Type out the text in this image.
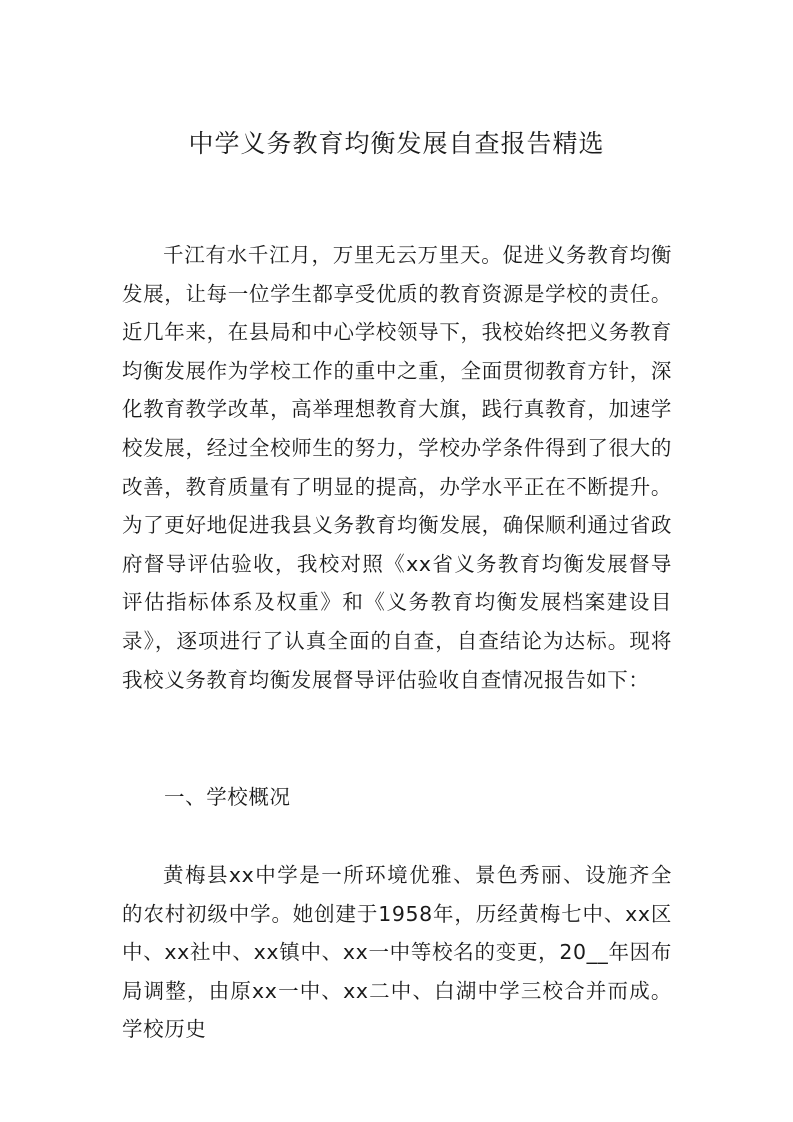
中学义务教育均衡发展自查报告精选

千江有水千江月，万里无云万里天。促进义务教育均衡发展，让每一位学生都享受优质的教育资源是学校的责任。近几年来，在县局和中心学校领导下，我校始终把义务教育均衡发展作为学校工作的重中之重，全面贯彻教育方针，深化教育教学改革，高举理想教育大旗，践行真教育，加速学校发展，经过全校师生的努力，学校办学条件得到了很大的改善，教育质量有了明显的提高，办学水平正在不断提升。为了更好地促进我县义务教育均衡发展，确保顺利通过省政府督导评估验收，我校对照《xx省义务教育均衡发展督导评估指标体系及权重》和《义务教育均衡发展档案建设目录》，逐项进行了认真全面的自查，自查结论为达标。现将我校义务教育均衡发展督导评估验收自查情况报告如下：

一、学校概况

黄梅县xx中学是一所环境优雅、景色秀丽、设施齐全的农村初级中学。她创建于1958年，历经黄梅七中、xx区中、xx社中、xx镇中、xx一中等校名的变更，20__年因布局调整，由原xx一中、xx二中、白湖中学三校合并而成。学校历史
